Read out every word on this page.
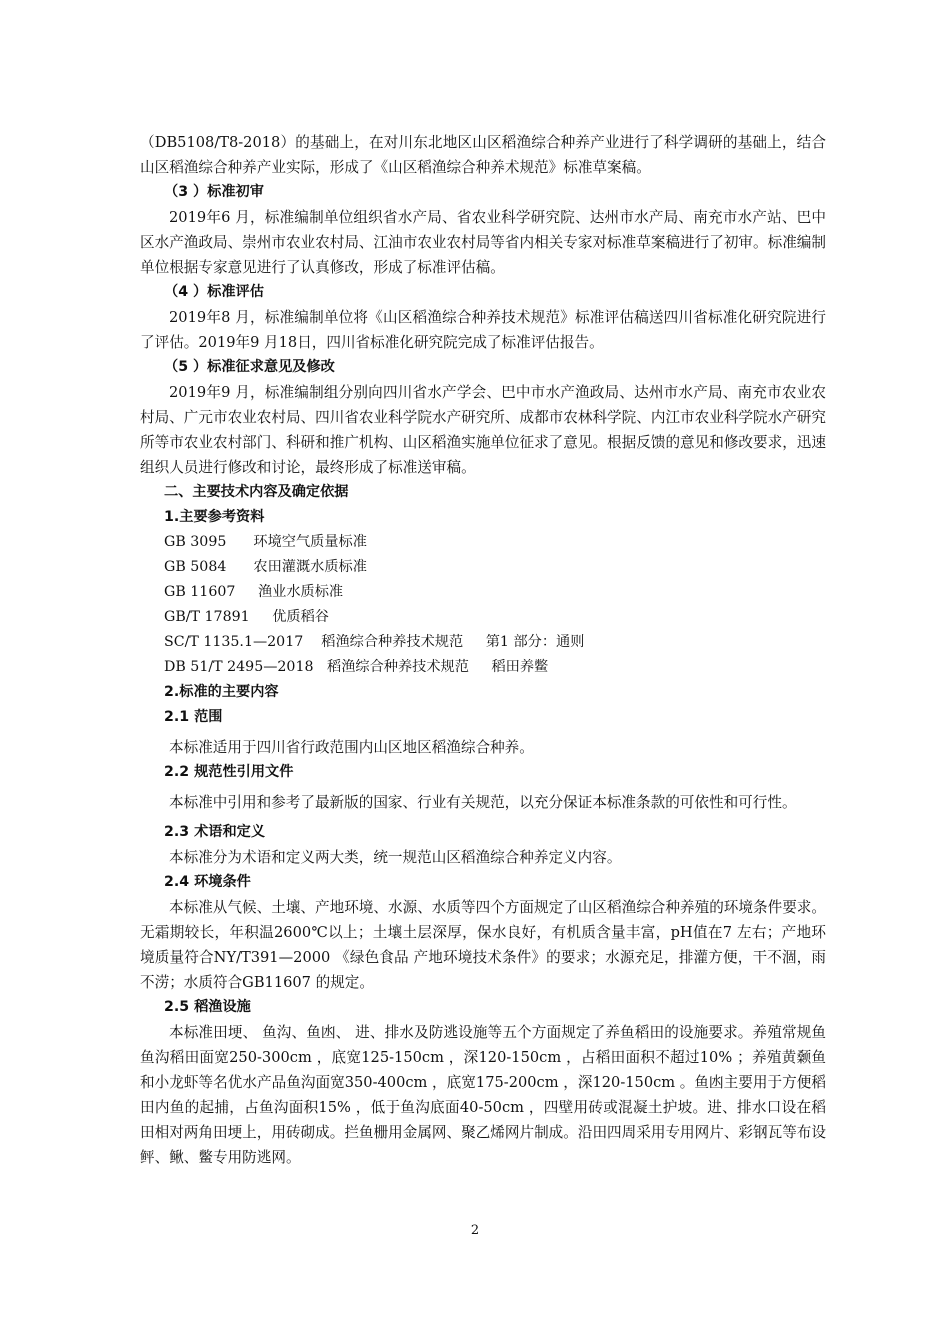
（DB5108/T8-2018）的基础上，在对川东北地区山区稻渔综合种养产业进行了科学调研的基础上，结合山区稻渔综合种养产业实际，形成了《山区稻渔综合种养术规范》标准草案稿。

（3 ）标准初审

2019年6 月，标准编制单位组织省水产局、省农业科学研究院、达州市水产局、南充市水产站、巴中区水产渔政局、崇州市农业农村局、江油市农业农村局等省内相关专家对标准草案稿进行了初审。标准编制单位根据专家意见进行了认真修改，形成了标准评估稿。

（4 ）标准评估

2019年8 月，标准编制单位将《山区稻渔综合种养技术规范》标准评估稿送四川省标准化研究院进行了评估。2019年9 月18日，四川省标准化研究院完成了标准评估报告。

（5 ）标准征求意见及修改

2019年9 月，标准编制组分别向四川省水产学会、巴中市水产渔政局、达州市水产局、南充市农业农村局、广元市农业农村局、四川省农业科学院水产研究所、成都市农林科学院、内江市农业科学院水产研究所等市农业农村部门、科研和推广机构、山区稻渔实施单位征求了意见。根据反馈的意见和修改要求，迅速组织人员进行修改和讨论，最终形成了标准送审稿。

二、主要技术内容及确定依据

1.主要参考资料

GB 3095      环境空气质量标准

GB 5084      农田灌溉水质标准

GB 11607     渔业水质标准

GB/T 17891     优质稻谷

SC/T 1135.1—2017    稻渔综合种养技术规范     第1 部分：通则

DB 51/T 2495—2018   稻渔综合种养技术规范     稻田养鳖

2.标准的主要内容

2.1 范围

本标准适用于四川省行政范围内山区地区稻渔综合种养。

2.2 规范性引用文件

本标准中引用和参考了最新版的国家、行业有关规范，以充分保证本标准条款的可依性和可行性。

2.3 术语和定义

本标准分为术语和定义两大类，统一规范山区稻渔综合种养定义内容。

2.4 环境条件

本标准从气候、土壤、产地环境、水源、水质等四个方面规定了山区稻渔综合种养殖的环境条件要求。无霜期较长，年积温2600℃以上；土壤土层深厚，保水良好，有机质含量丰富，pH值在7 左右；产地环境质量符合NY/T391—2000 《绿色食品 产地环境技术条件》的要求；水源充足，排灌方便，干不涸，雨不涝；水质符合GB11607 的规定。

2.5 稻渔设施

本标准田埂、 鱼沟、鱼凼、 进、排水及防逃设施等五个方面规定了养鱼稻田的设施要求。养殖常规鱼鱼沟稻田面宽250-300cm ，底宽125-150cm ，深120-150cm ，占稻田面积不超过10% ；养殖黄颡鱼和小龙虾等名优水产品鱼沟面宽350-400cm ，底宽175-200cm ，深120-150cm 。鱼凼主要用于方便稻田内鱼的起捕，占鱼沟面积15% ，低于鱼沟底面40-50cm ，四壁用砖或混凝土护坡。进、排水口设在稻田相对两角田埂上，用砖砌成。拦鱼栅用金属网、聚乙烯网片制成。沿田四周采用专用网片、彩钢瓦等布设鲆、鳅、鳖专用防逃网。

2
